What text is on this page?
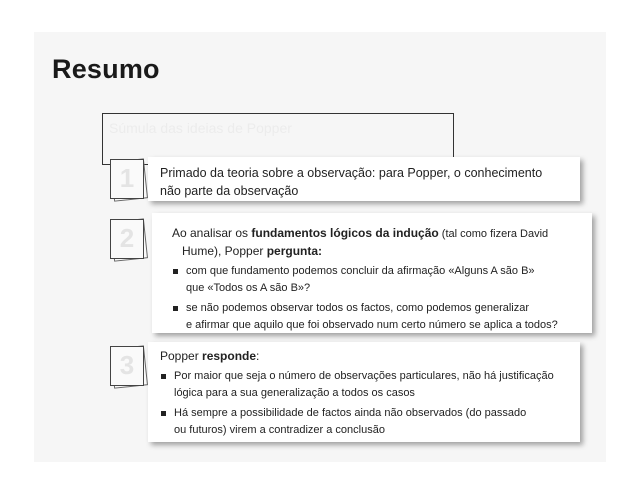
Resumo
Súmula das ideias de Popper
1	Primado da teoria sobre a observação: para Popper, o conhecimento
não parte da observação
2	Ao analisar os fundamentos lógicos da indução (tal como fizera David
Hume), Popper pergunta:
com que fundamento podemos concluir da afirmação «Alguns A são B»
que «Todos os A são B»?
se não podemos observar todos os factos, como podemos generalizar
e afirmar que aquilo que foi observado num certo número se aplica a todos?
3	Popper responde:
Por maior que seja o número de observações particulares, não há justificação
lógica para a sua generalização a todos os casos
Há sempre a possibilidade de factos ainda não observados (do passado
ou futuros) virem a contradizer a conclusão
